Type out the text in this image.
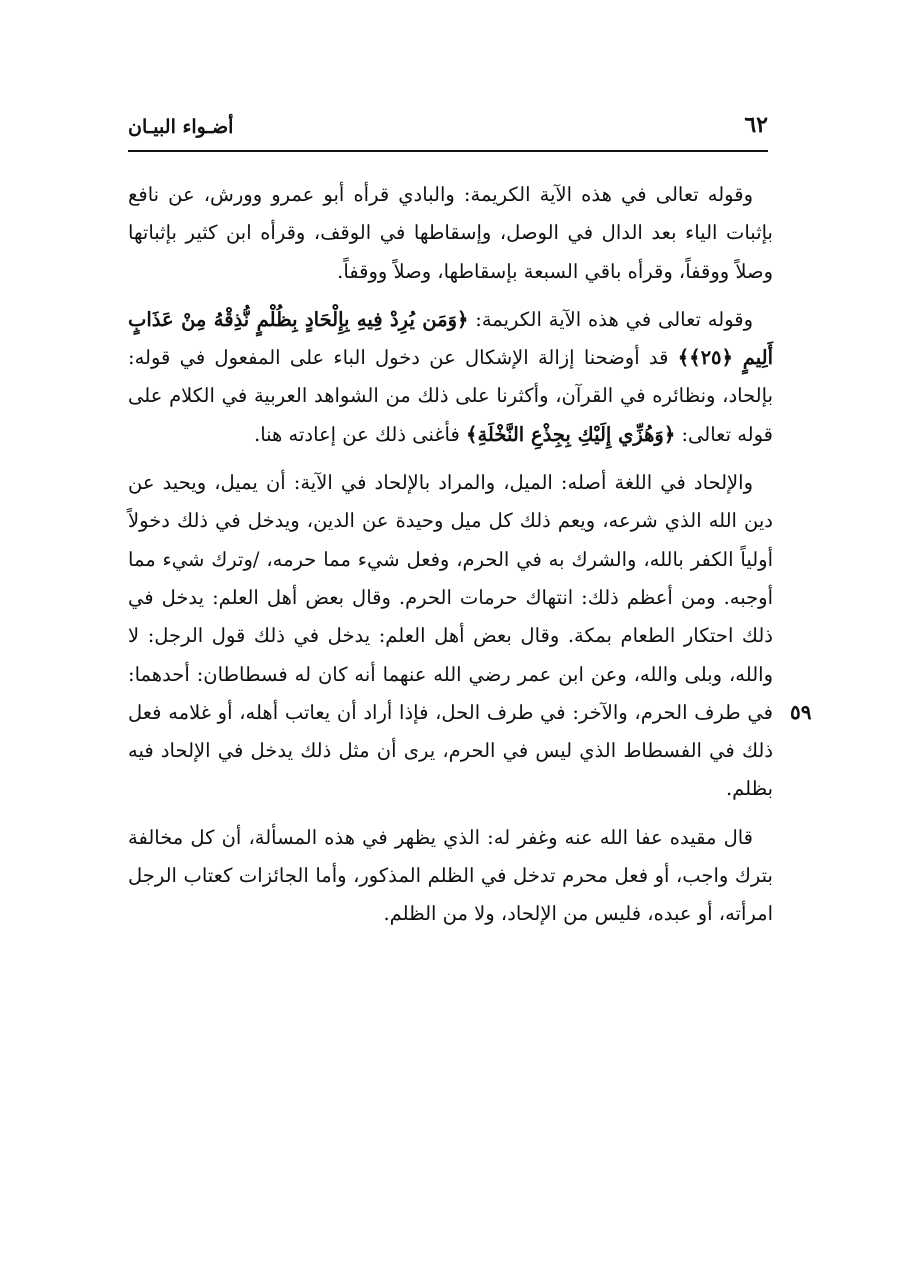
٦٢
أضـواء البيـان
٥٩

وقوله تعالى في هذه الآية الكريمة: والبادي قرأه أبو عمرو وورش، عن نافع بإثبات الياء بعد الدال في الوصل، وإسقاطها في الوقف، وقرأه ابن كثير بإثباتها وصلاً ووقفاً، وقرأه باقي السبعة بإسقاطها، وصلاً ووقفاً.

وقوله تعالى في هذه الآية الكريمة: ﴿وَمَن يُرِدْ فِيهِ بِإِلْحَادٍ بِظُلْمٍ نُّذِقْهُ مِنْ عَذَابٍ أَلِيمٍ ﴿٢٥﴾﴾ قد أوضحنا إزالة الإشكال عن دخول الباء على المفعول في قوله: بإلحاد، ونظائره في القرآن، وأكثرنا على ذلك من الشواهد العربية في الكلام على قوله تعالى: ﴿وَهُزِّي إِلَيْكِ بِجِذْعِ النَّخْلَةِ﴾ فأغنى ذلك عن إعادته هنا.

والإلحاد في اللغة أصله: الميل، والمراد بالإلحاد في الآية: أن يميل، ويحيد عن دين الله الذي شرعه، ويعم ذلك كل ميل وحيدة عن الدين، ويدخل في ذلك دخولاً أولياً الكفر بالله، والشرك به في الحرم، وفعل شيء مما حرمه، /وترك شيء مما أوجبه. ومن أعظم ذلك: انتهاك حرمات الحرم. وقال بعض أهل العلم: يدخل في ذلك احتكار الطعام بمكة. وقال بعض أهل العلم: يدخل في ذلك قول الرجل: لا والله، وبلى والله، وعن ابن عمر رضي الله عنهما أنه كان له فسطاطان: أحدهما: في طرف الحرم، والآخر: في طرف الحل، فإذا أراد أن يعاتب أهله، أو غلامه فعل ذلك في الفسطاط الذي ليس في الحرم، يرى أن مثل ذلك يدخل في الإلحاد فيه بظلم.

قال مقيده عفا الله عنه وغفر له: الذي يظهر في هذه المسألة، أن كل مخالفة بترك واجب، أو فعل محرم تدخل في الظلم المذكور، وأما الجائزات كعتاب الرجل امرأته، أو عبده، فليس من الإلحاد، ولا من الظلم.
